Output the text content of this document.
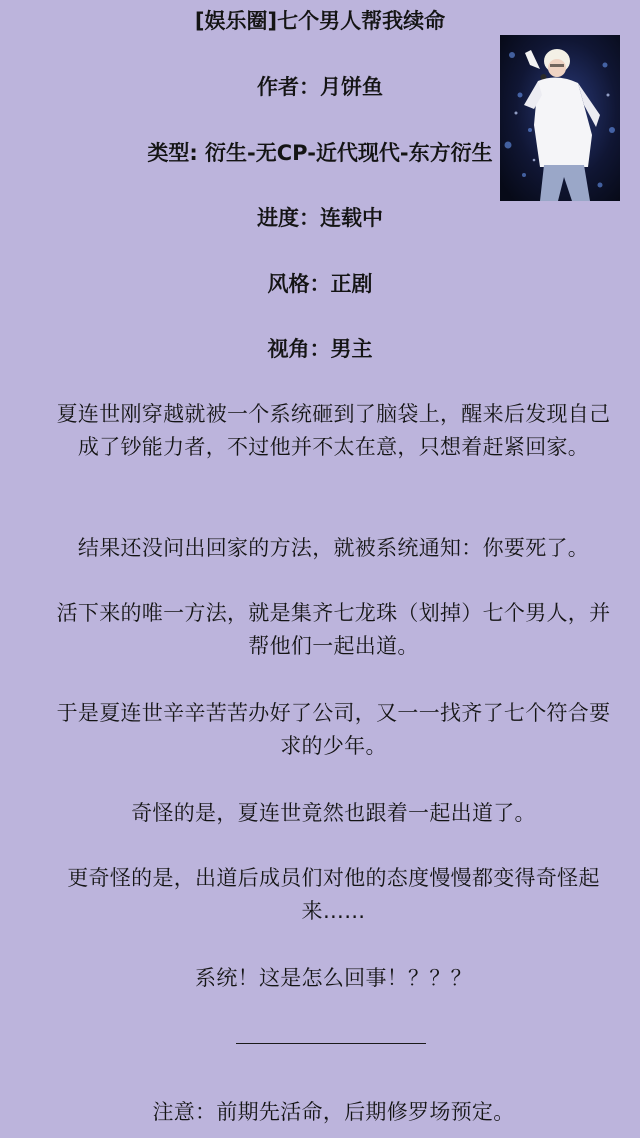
[娱乐圈]七个男人帮我续命
作者：月饼鱼
类型: 衍生-无CP-近代现代-东方衍生
进度：连载中
风格：正剧
视角：男主
夏连世刚穿越就被一个系统砸到了脑袋上，醒来后发现自己成了钞能力者，不过他并不太在意，只想着赶紧回家。
结果还没问出回家的方法，就被系统通知：你要死了。
活下来的唯一方法，就是集齐七龙珠（划掉）七个男人，并帮他们一起出道。
于是夏连世辛辛苦苦办好了公司，又一一找齐了七个符合要求的少年。
奇怪的是，夏连世竟然也跟着一起出道了。
更奇怪的是，出道后成员们对他的态度慢慢都变得奇怪起来……
系统！这是怎么回事！？？？
注意：前期先活命，后期修罗场预定。
